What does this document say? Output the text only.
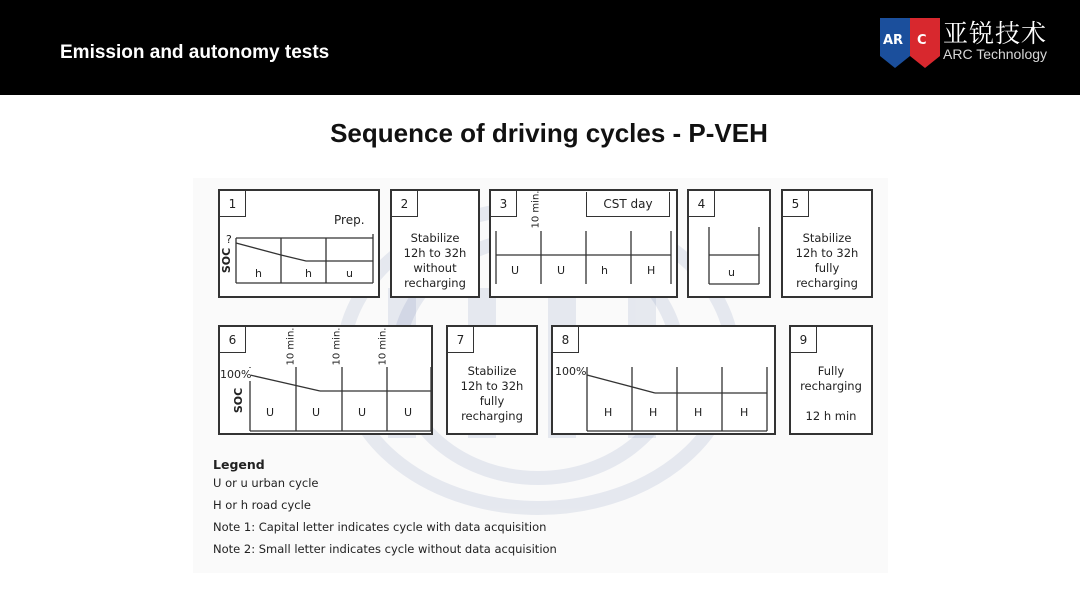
Emission and autonomy tests
AR C 亚锐技术
ARC Technology
Sequence of driving cycles - P-VEH
1
Prep.
?
SOC
h	h	u
2
Stabilize
12h to 32h
without
recharging
3	CST day
10 min.
U	U	h	H
4
u
5
Stabilize
12h to 32h
fully
recharging
6
100%
SOC
10 min.	10 min.	10 min.
U	U	U	U
7
Stabilize
12h to 32h
fully
recharging
8
100%
H	H	H	H
9
Fully
recharging
12 h min
Legend
U or u urban cycle
H or h road cycle
Note 1: Capital letter indicates cycle with data acquisition
Note 2: Small letter indicates cycle without data acquisition
